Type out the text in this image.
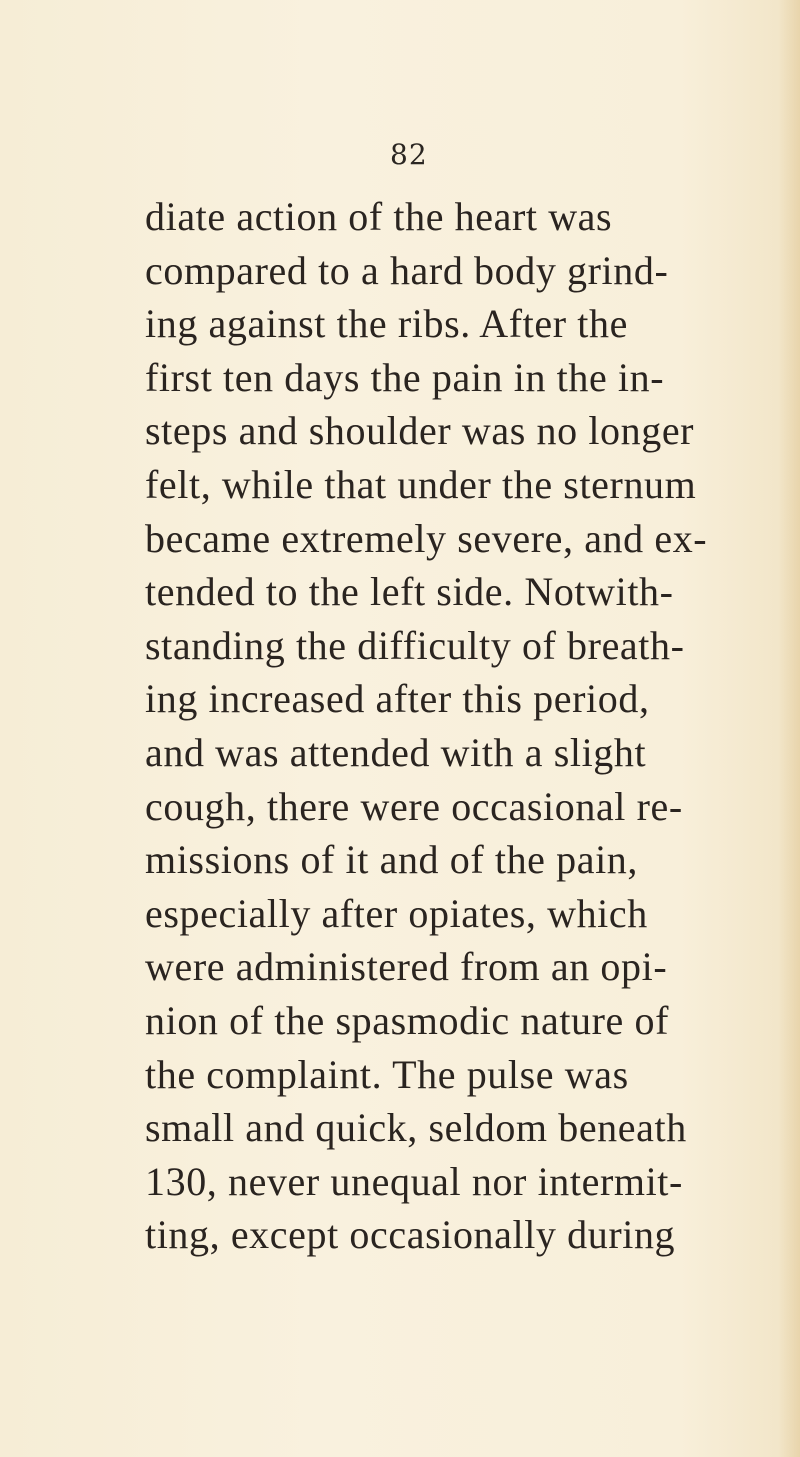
82
diate action of the heart was
compared to a hard body grind-
ing against the ribs. After the
first ten days the pain in the in-
steps and shoulder was no longer
felt, while that under the sternum
became extremely severe, and ex-
tended to the left side. Notwith-
standing the difficulty of breath-
ing increased after this period,
and was attended with a slight
cough, there were occasional re-
missions of it and of the pain,
especially after opiates, which
were administered from an opi-
nion of the spasmodic nature of
the complaint. The pulse was
small and quick, seldom beneath
130, never unequal nor intermit-
ting, except occasionally during
